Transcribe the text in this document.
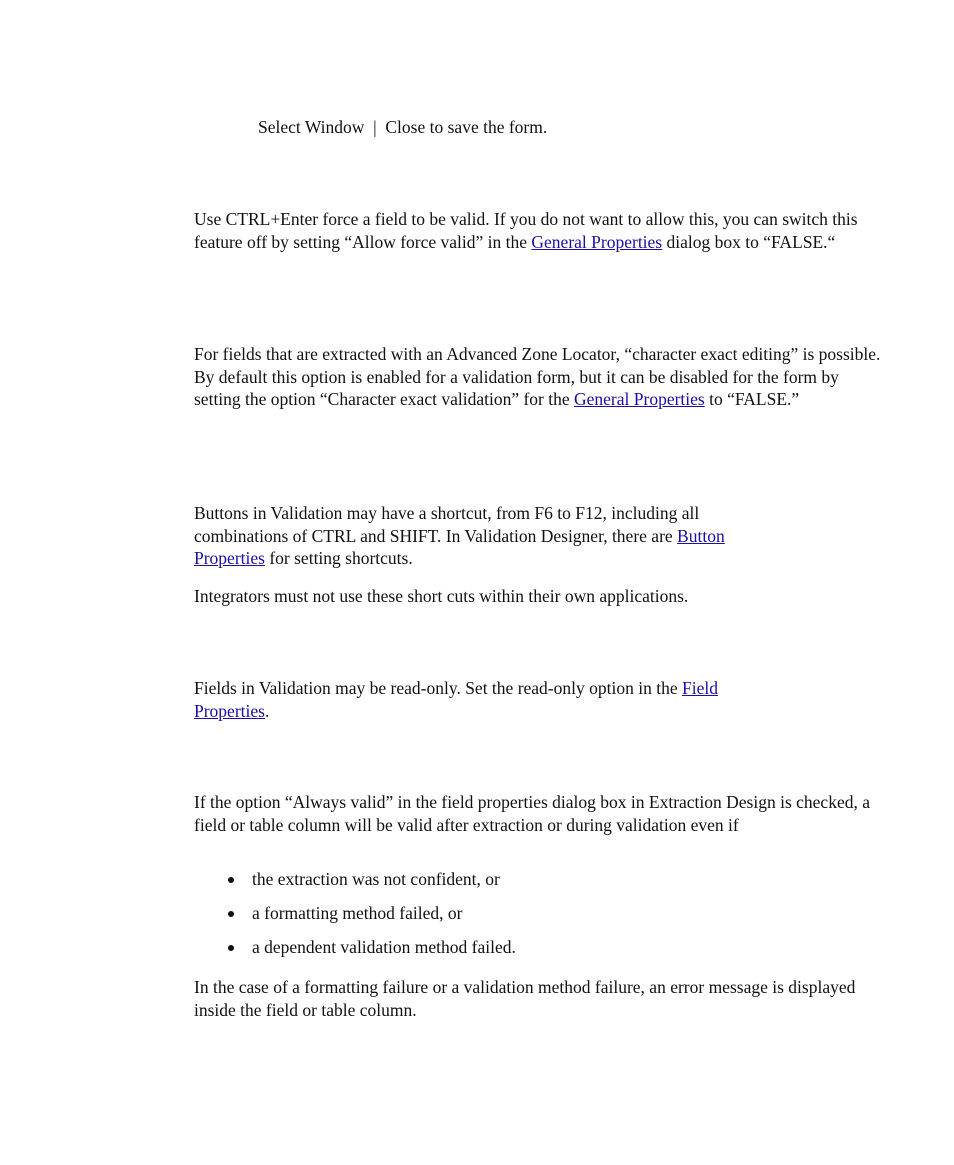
Select Window  |  Close to save the form.

Use CTRL+Enter force a field to be valid. If you do not want to allow this, you can switch this feature off by setting “Allow force valid” in the General Properties dialog box to “FALSE.“

For fields that are extracted with an Advanced Zone Locator, “character exact editing” is possible. By default this option is enabled for a validation form, but it can be disabled for the form by setting the option “Character exact validation” for the General Properties to “FALSE.”

Buttons in Validation may have a shortcut, from F6 to F12, including all combinations of CTRL and SHIFT. In Validation Designer, there are Button Properties for setting shortcuts.

Integrators must not use these short cuts within their own applications.

Fields in Validation may be read-only. Set the read-only option in the Field Properties.

If the option “Always valid” in the field properties dialog box in Extraction Design is checked, a field or table column will be valid after extraction or during validation even if

the extraction was not confident, or
a formatting method failed, or
a dependent validation method failed.

In the case of a formatting failure or a validation method failure, an error message is displayed inside the field or table column.
